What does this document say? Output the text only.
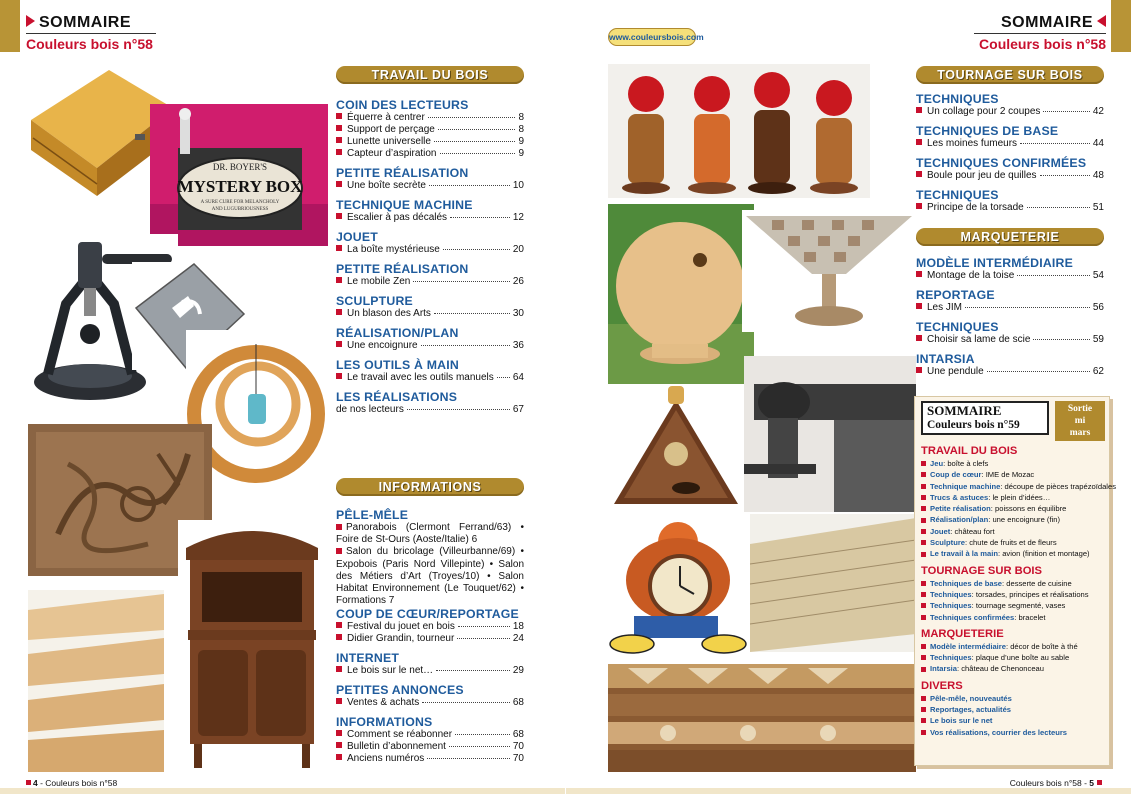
SOMMAIRE
Couleurs bois n°58
DR. BOYER'S
MYSTERY BOX
A SURE CURE FOR MELANCHOLY
AND LUGUBRIOUSNESS
TRAVAIL DU BOIS
COIN DES LECTEURS
Équerre à centrer	8
Support de perçage	8
Lunette universelle	9
Capteur d’aspiration	9
PETITE RÉALISATION
Une boîte secrète	10
TECHNIQUE MACHINE
Escalier à pas décalés	12
JOUET
La boîte mystérieuse	20
PETITE RÉALISATION
Le mobile Zen	26
SCULPTURE
Un blason des Arts	30
RÉALISATION/PLAN
Une encoignure	36
LES OUTILS À MAIN
Le travail avec les outils manuels 64
LES RÉALISATIONS
de nos lecteurs	67
INFORMATIONS
PÊLE-MÊLE
Panorabois (Clermont Ferrand/63) • Foire de St-Ours (Aoste/Italie) 6
Salon du bricolage (Villeurbanne/69) • Expobois (Paris Nord Villepinte) • Salon des Métiers d’Art (Troyes/10) • Salon Habitat Environnement (Le Touquet/62) • Formations 7
COUP DE CŒUR/REPORTAGE
Festival du jouet en bois	18
Didier Grandin, tourneur	24
INTERNET
Le bois sur le net…	29
PETITES ANNONCES
Ventes & achats	68
INFORMATIONS
Comment se réabonner	68
Bulletin d’abonnement	70
Anciens numéros	70
4 - Couleurs bois n°58
SOMMAIRE
Couleurs bois n°58
www.couleursbois.com
TOURNAGE SUR BOIS
TECHNIQUES
Un collage pour 2 coupes	42
TECHNIQUES DE BASE
Les moines fumeurs	44
TECHNIQUES CONFIRMÉES
Boule pour jeu de quilles	48
TECHNIQUES
Principe de la torsade	51
MARQUETERIE
MODÈLE INTERMÉDIAIRE
Montage de la toise	54
REPORTAGE
Les JIM	56
TECHNIQUES
Choisir sa lame de scie	59
INTARSIA
Une pendule	62
SOMMAIRE
Couleurs bois n°59
Sortie
mi
mars
TRAVAIL DU BOIS
Jeu : boîte à clefs
Coup de cœur : IME de Mozac
Technique machine : découpe de pièces trapézoïdales
Trucs & astuces : le plein d’idées…
Petite réalisation : poissons en équilibre
Réalisation/plan : une encoignure (fin)
Jouet : château fort
Sculpture : chute de fruits et de fleurs
Le travail à la main : avion (finition et montage)
TOURNAGE SUR BOIS
Techniques de base : desserte de cuisine
Techniques : torsades, principes et réalisations
Techniques : tournage segmenté, vases
Techniques confirmées : bracelet
MARQUETERIE
Modèle intermédiaire : décor de boîte à thé
Techniques : plaque d’une boîte au sable
Intarsia : château de Chenonceau
DIVERS
Pêle-mêle, nouveautés
Reportages, actualités
Le bois sur le net
Vos réalisations, courrier des lecteurs
Couleurs bois n°58 - 5
